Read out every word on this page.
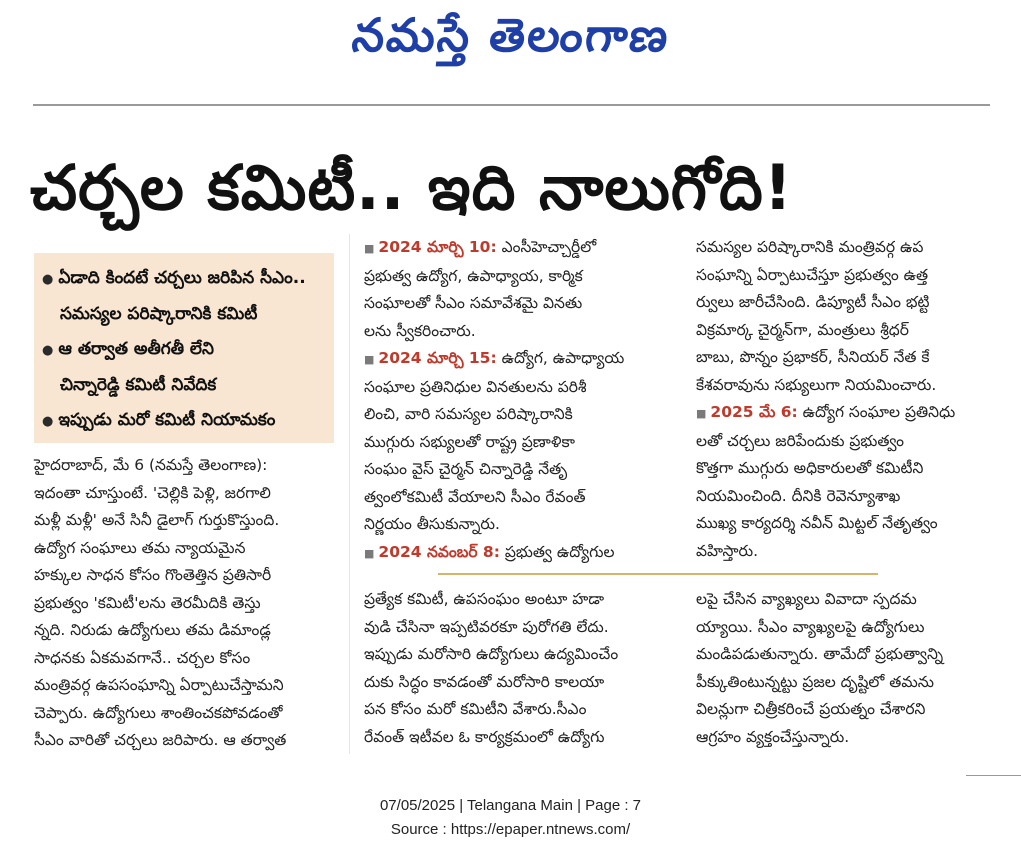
నమస్తే తెలంగాణ
చర్చల కమిటీ.. ఇది నాలుగోది!
● ఏడాది కిందటే చర్చలు జరిపిన సీఎం..
సమస్యల పరిష్కారానికి కమిటీ
● ఆ తర్వాత అతీగతీ లేని
చిన్నారెడ్డి కమిటీ నివేదిక
● ఇప్పుడు మరో కమిటీ నియామకం

హైదరాబాద్, మే 6 (నమస్తే తెలంగాణ):

ఇదంతా చూస్తుంటే. 'చెల్లికి పెళ్లి, జరగాలి

మళ్లీ మళ్లీ' అనే సినీ డైలాగ్ గుర్తుకొస్తుంది.

ఉద్యోగ సంఘాలు తమ న్యాయమైన

హక్కుల సాధన కోసం గొంతెత్తిన ప్రతిసారీ

ప్రభుత్వం 'కమిటీ'లను తెరమీదికి తెస్తు

న్నది. నిరుడు ఉద్యోగులు తమ డిమాండ్ల

సాధనకు ఏకమవగానే.. చర్చల కోసం

మంత్రివర్గ ఉపసంఘాన్ని ఏర్పాటుచేస్తామని

చెప్పారు. ఉద్యోగులు శాంతించకపోవడంతో

సీఎం వారితో చర్చలు జరిపారు. ఆ తర్వాత

■ 2024 మార్చి 10: ఎంసీహెచ్చార్డీలో

ప్రభుత్వ ఉద్యోగ, ఉపాధ్యాయ, కార్మిక

సంఘాలతో సీఎం సమావేశమై వినతు

లను స్వీకరించారు.

■ 2024 మార్చి 15: ఉద్యోగ, ఉపాధ్యాయ

సంఘాల ప్రతినిధుల వినతులను పరిశీ

లించి, వారి సమస్యల పరిష్కారానికి

ముగ్గురు సభ్యులతో రాష్ట్ర ప్రణాళికా

సంఘం వైస్ చైర్మన్ చిన్నారెడ్డి నేతృ

త్వంలోకమిటీ వేయాలని సీఎం రేవంత్

నిర్ణయం తీసుకున్నారు.

■ 2024 నవంబర్ 8: ప్రభుత్వ ఉద్యోగుల

సమస్యల పరిష్కారానికి మంత్రివర్గ ఉప

సంఘాన్ని ఏర్పాటుచేస్తూ ప్రభుత్వం ఉత్త

ర్వులు జారీచేసింది. డిప్యూటీ సీఎం భట్టి

విక్రమార్క చైర్మన్‌గా, మంత్రులు శ్రీధర్

బాబు, పొన్నం ప్రభాకర్, సీనియర్ నేత కే

కేశవరావును సభ్యులుగా నియమించారు.

■ 2025 మే 6: ఉద్యోగ సంఘాల ప్రతినిధు

లతో చర్చలు జరిపేందుకు ప్రభుత్వం

కొత్తగా ముగ్గురు అధికారులతో కమిటీని

నియమించింది. దీనికి రెవెన్యూశాఖ

ముఖ్య కార్యదర్శి నవీన్ మిట్టల్ నేతృత్వం

వహిస్తారు.

ప్రత్యేక కమిటీ, ఉపసంఘం అంటూ హడా

వుడి చేసినా ఇప్పటివరకూ పురోగతి లేదు.

ఇప్పుడు మరోసారి ఉద్యోగులు ఉద్యమించేం

దుకు సిద్ధం కావడంతో మరోసారి కాలయా

పన కోసం మరో కమిటీని వేశారు.సీఎం

రేవంత్ ఇటీవల ఓ కార్యక్రమంలో ఉద్యోగు

లపై చేసిన వ్యాఖ్యలు వివాదా స్పదమ

య్యాయి. సీఎం వ్యాఖ్యలపై ఉద్యోగులు

మండిపడుతున్నారు. తామేదో ప్రభుత్వాన్ని

పీక్కుతింటున్నట్టు ప్రజల దృష్టిలో తమను

విలన్లుగా చిత్రీకరించే ప్రయత్నం చేశారని

ఆగ్రహం వ్యక్తంచేస్తున్నారు.

07/05/2025 | Telangana Main | Page : 7
Source : https://epaper.ntnews.com/
